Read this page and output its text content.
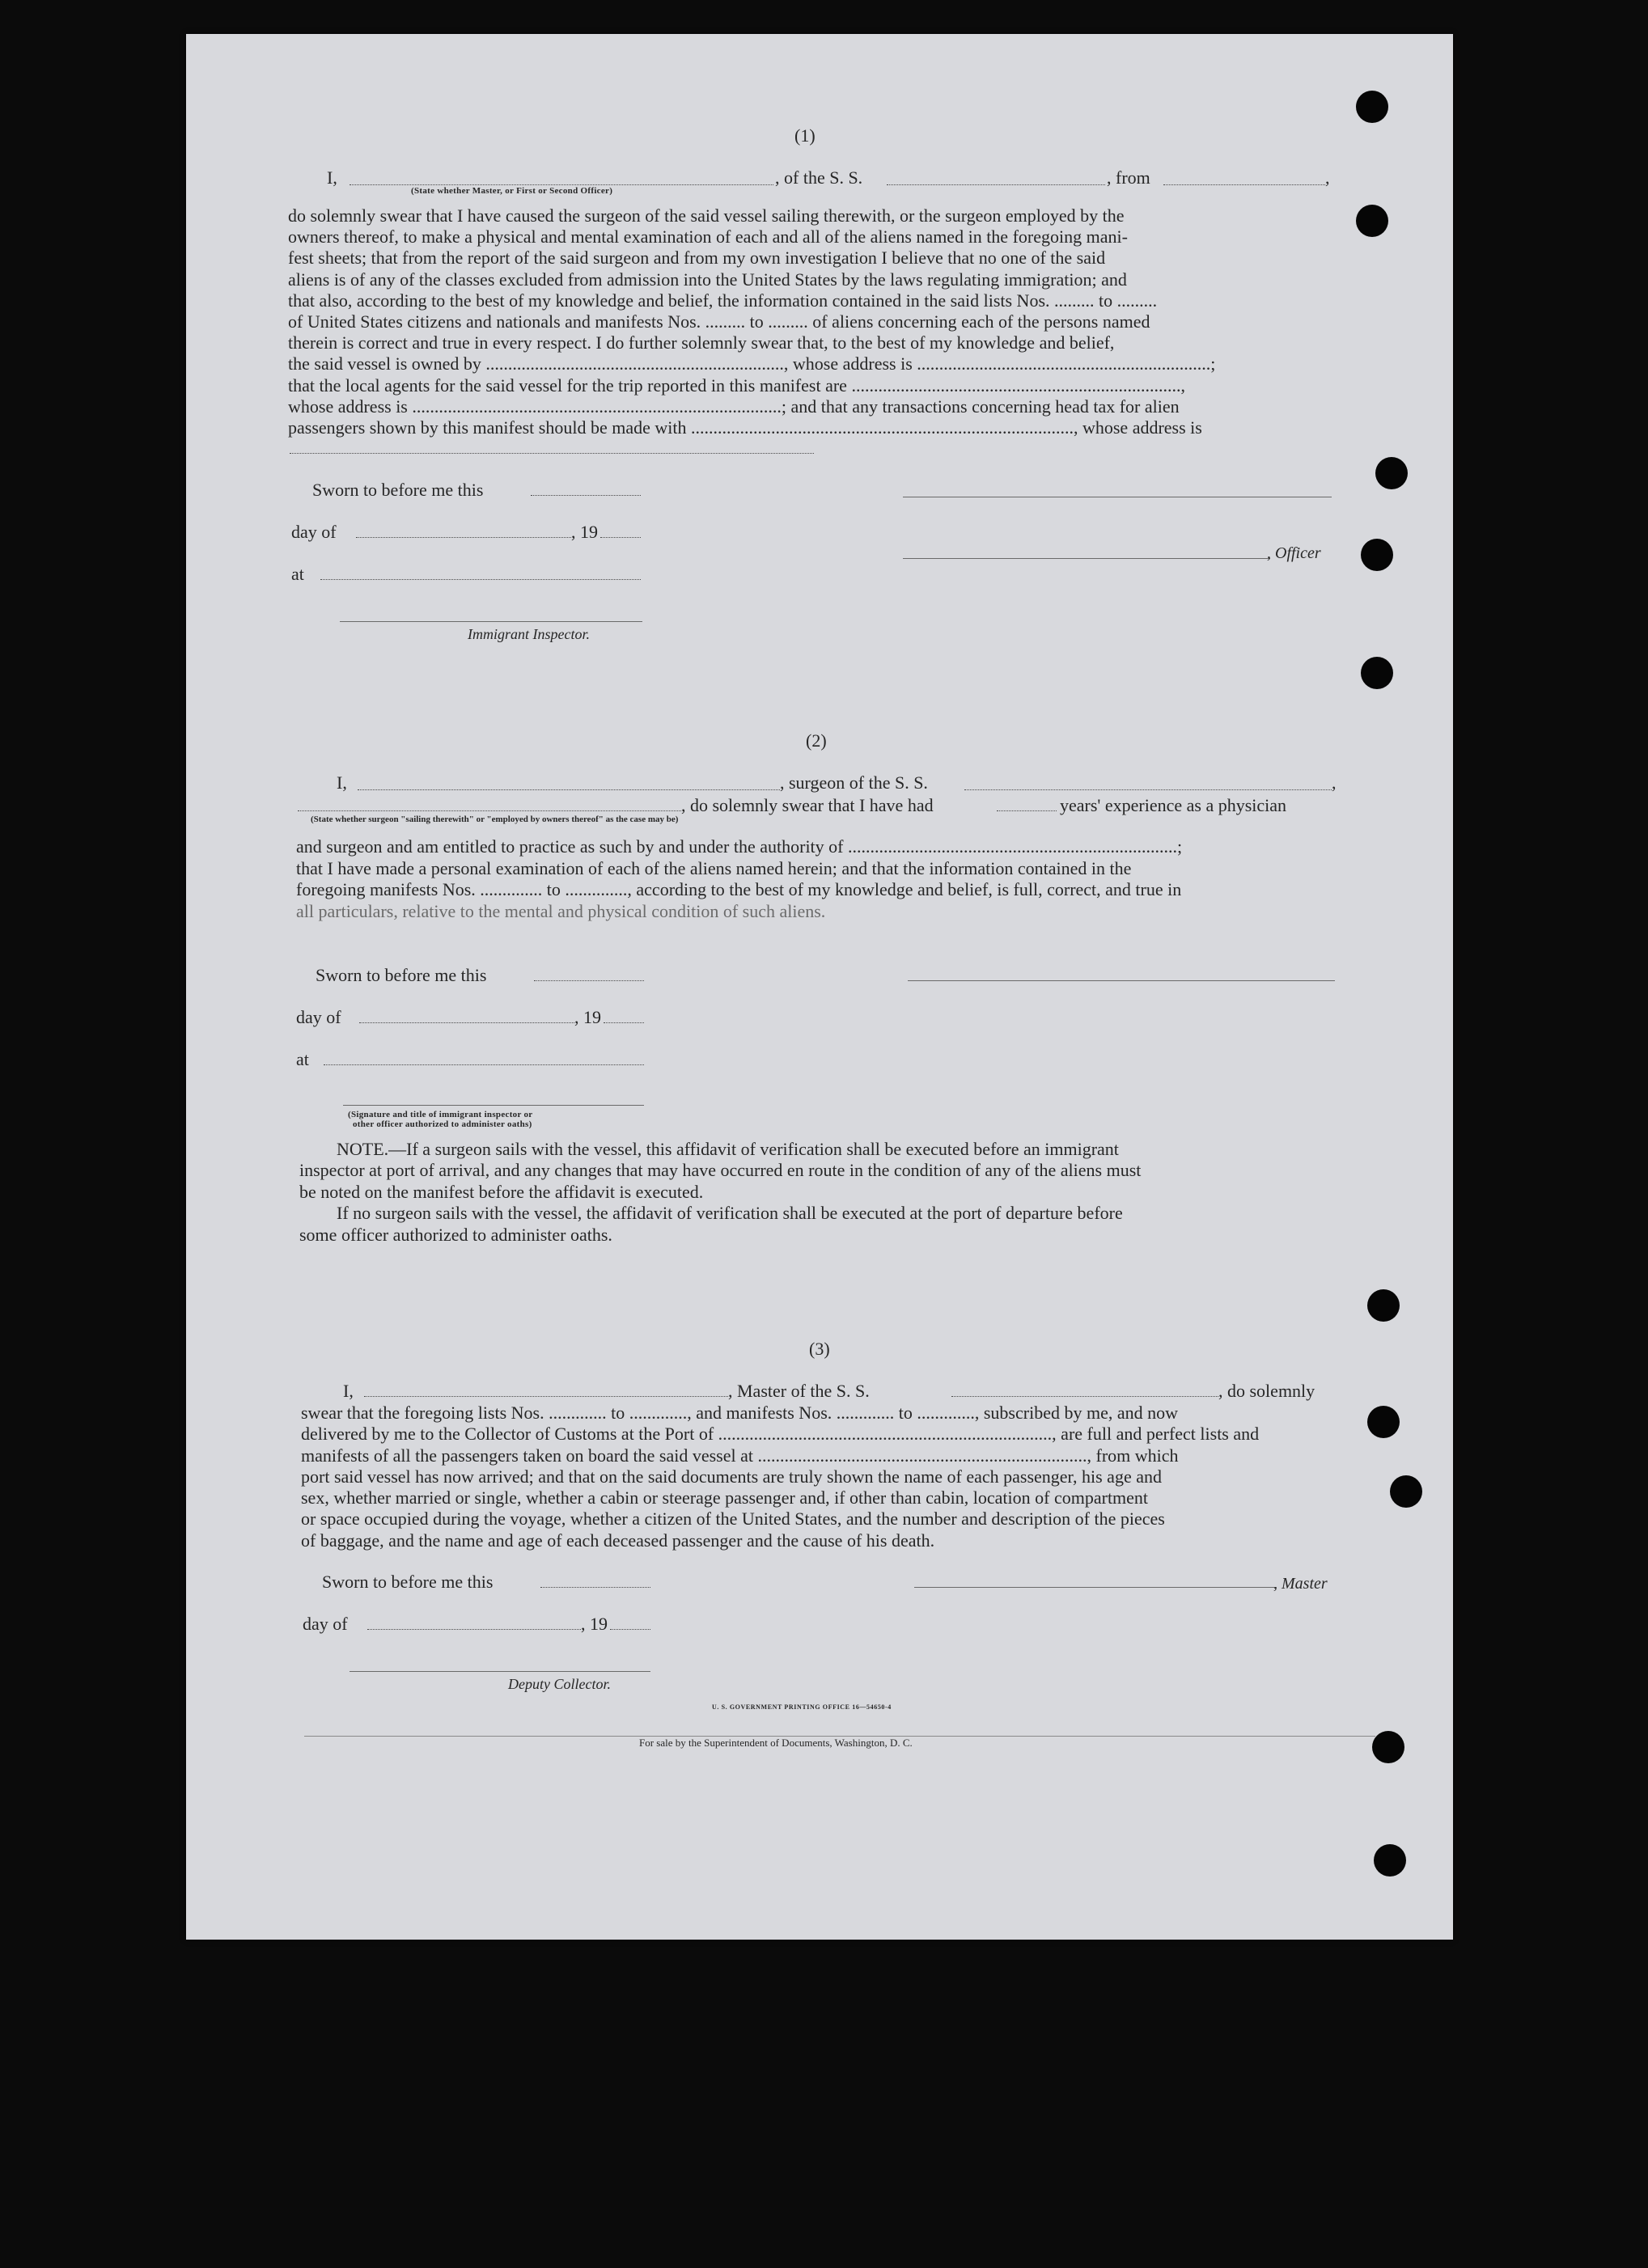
(1)
I,
(State whether Master, or First or Second Officer)
, of the S. S.	, from	,
do solemnly swear that I have caused the surgeon of the said vessel sailing therewith, or the surgeon employed by the
owners thereof, to make a physical and mental examination of each and all of the aliens named in the foregoing mani-
fest sheets; that from the report of the said surgeon and from my own investigation I believe that no one of the said
aliens is of any of the classes excluded from admission into the United States by the laws regulating immigration; and
that also, according to the best of my knowledge and belief, the information contained in the said lists Nos. ......... to .........
of United States citizens and nationals and manifests Nos. ......... to ......... of aliens concerning each of the persons named
therein is correct and true in every respect. I do further solemnly swear that, to the best of my knowledge and belief,
the said vessel is owned by ..................................................................., whose address is ..................................................................;
that the local agents for the said vessel for the trip reported in this manifest are ..........................................................................,
whose address is ...................................................................................; and that any transactions concerning head tax for alien
passengers shown by this manifest should be made with ......................................................................................, whose address is
Sworn to before me this
day of	, 19
, Officer
at
Immigrant Inspector.
(2)
I,	, surgeon of the S. S.	,
, do solemnly swear that I have had	years' experience as a physician
(State whether surgeon "sailing therewith" or "employed by owners thereof" as the case may be)
and surgeon and am entitled to practice as such by and under the authority of ..........................................................................;
that I have made a personal examination of each of the aliens named herein; and that the information contained in the
foregoing manifests Nos. .............. to .............., according to the best of my knowledge and belief, is full, correct, and true in
all particulars, relative to the mental and physical condition of such aliens.
Sworn to before me this
day of	, 19
at
(Signature and title of immigrant inspector or
other officer authorized to administer oaths)
NOTE.—If a surgeon sails with the vessel, this affidavit of verification shall be executed before an immigrant
inspector at port of arrival, and any changes that may have occurred en route in the condition of any of the aliens must
be noted on the manifest before the affidavit is executed.
If no surgeon sails with the vessel, the affidavit of verification shall be executed at the port of departure before
some officer authorized to administer oaths.
(3)
I,	, Master of the S. S.	, do solemnly
swear that the foregoing lists Nos. ............. to ............., and manifests Nos. ............. to ............., subscribed by me, and now
delivered by me to the Collector of Customs at the Port of ..........................................................................., are full and perfect lists and
manifests of all the passengers taken on board the said vessel at .........................................................................., from which
port said vessel has now arrived; and that on the said documents are truly shown the name of each passenger, his age and
sex, whether married or single, whether a cabin or steerage passenger and, if other than cabin, location of compartment
or space occupied during the voyage, whether a citizen of the United States, and the number and description of the pieces
of baggage, and the name and age of each deceased passenger and the cause of his death.
Sworn to before me this	, Master
day of	, 19
Deputy Collector.
U. S. GOVERNMENT PRINTING OFFICE 16—54650-4
For sale by the Superintendent of Documents, Washington, D. C.
